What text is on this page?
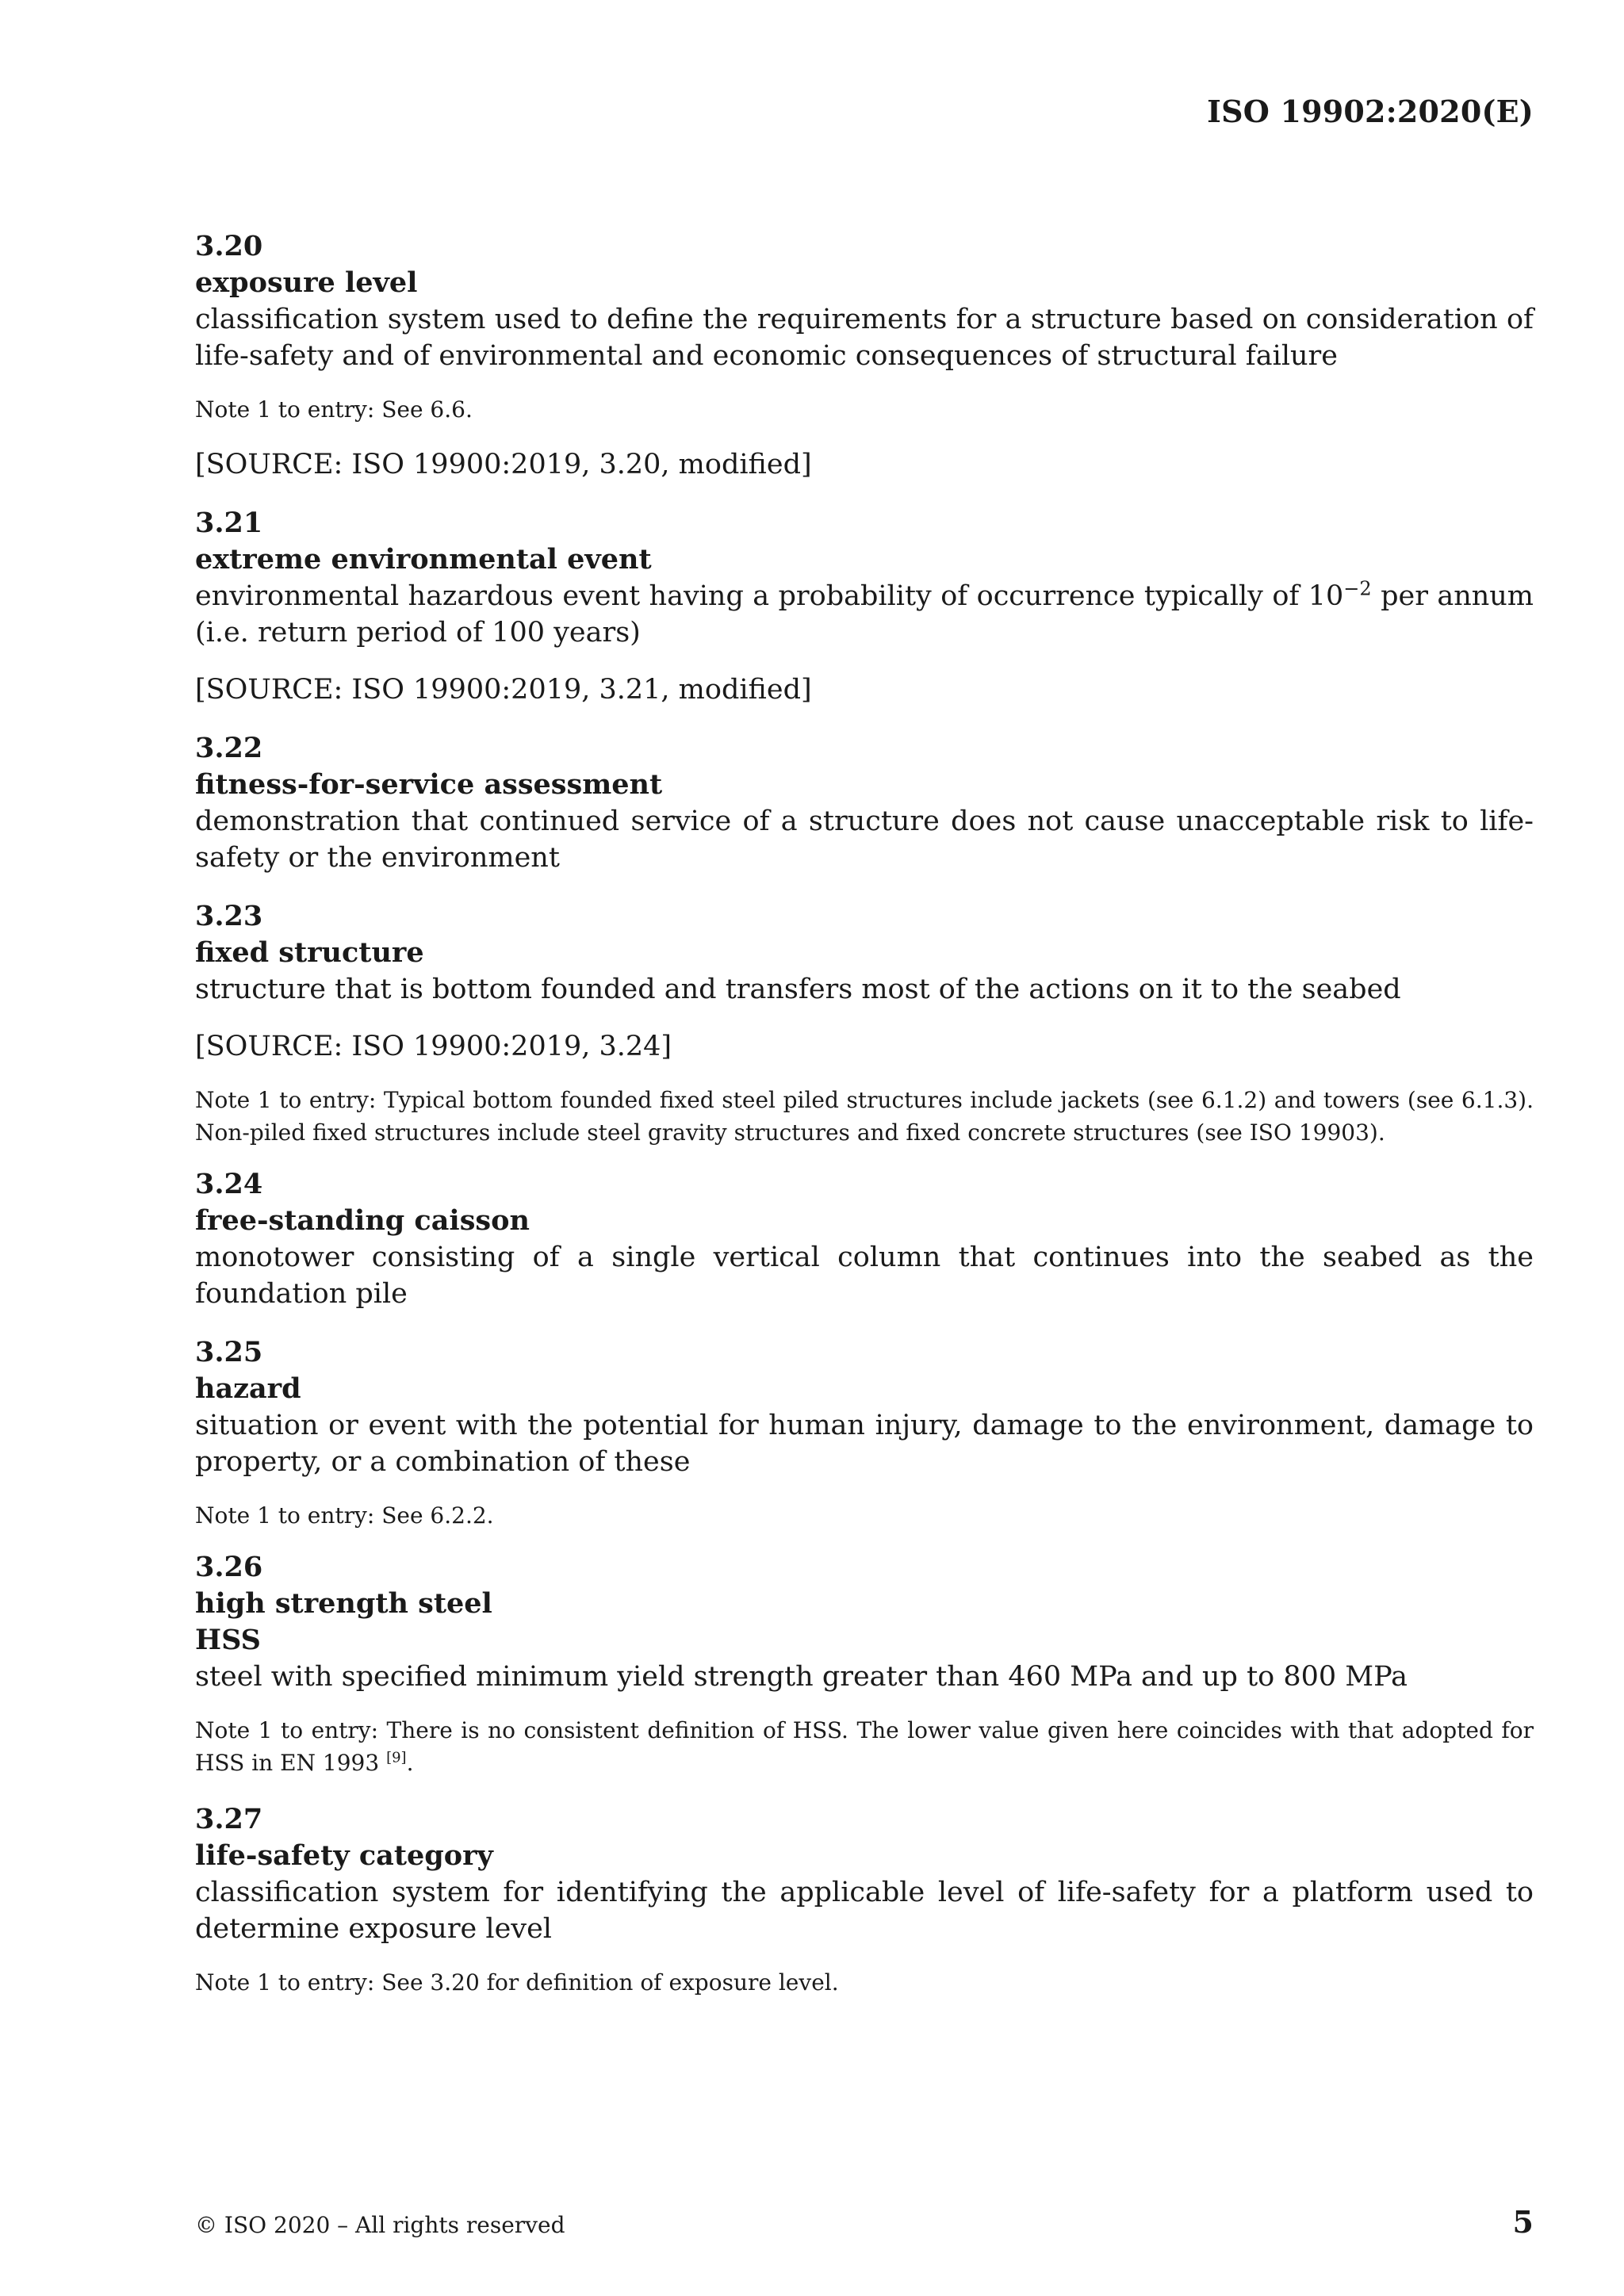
ISO 19902:2020(E)
3.20
exposure level
classification system used to define the requirements for a structure based on consideration of life-safety and of environmental and economic consequences of structural failure
Note 1 to entry: See 6.6.
[SOURCE: ISO 19900:2019, 3.20, modified]
3.21
extreme environmental event
environmental hazardous event having a probability of occurrence typically of $10^{-2}$ per annum (i.e. return period of 100 years)
[SOURCE: ISO 19900:2019, 3.21, modified]
3.22
fitness-for-service assessment
demonstration that continued service of a structure does not cause unacceptable risk to life-safety or the environment
3.23
fixed structure
structure that is bottom founded and transfers most of the actions on it to the seabed
[SOURCE: ISO 19900:2019, 3.24]
Note 1 to entry: Typical bottom founded fixed steel piled structures include jackets (see 6.1.2) and towers (see 6.1.3). Non-piled fixed structures include steel gravity structures and fixed concrete structures (see ISO 19903).
3.24
free-standing caisson
monotower consisting of a single vertical column that continues into the seabed as the foundation pile
3.25
hazard
situation or event with the potential for human injury, damage to the environment, damage to property, or a combination of these
Note 1 to entry: See 6.2.2.
3.26
high strength steel
HSS
steel with specified minimum yield strength greater than 460 MPa and up to 800 MPa
Note 1 to entry: There is no consistent definition of HSS. The lower value given here coincides with that adopted for HSS in EN 1993 [9].
3.27
life-safety category
classification system for identifying the applicable level of life-safety for a platform used to determine exposure level
Note 1 to entry: See 3.20 for definition of exposure level.
© ISO 2020 – All rights reserved	5
